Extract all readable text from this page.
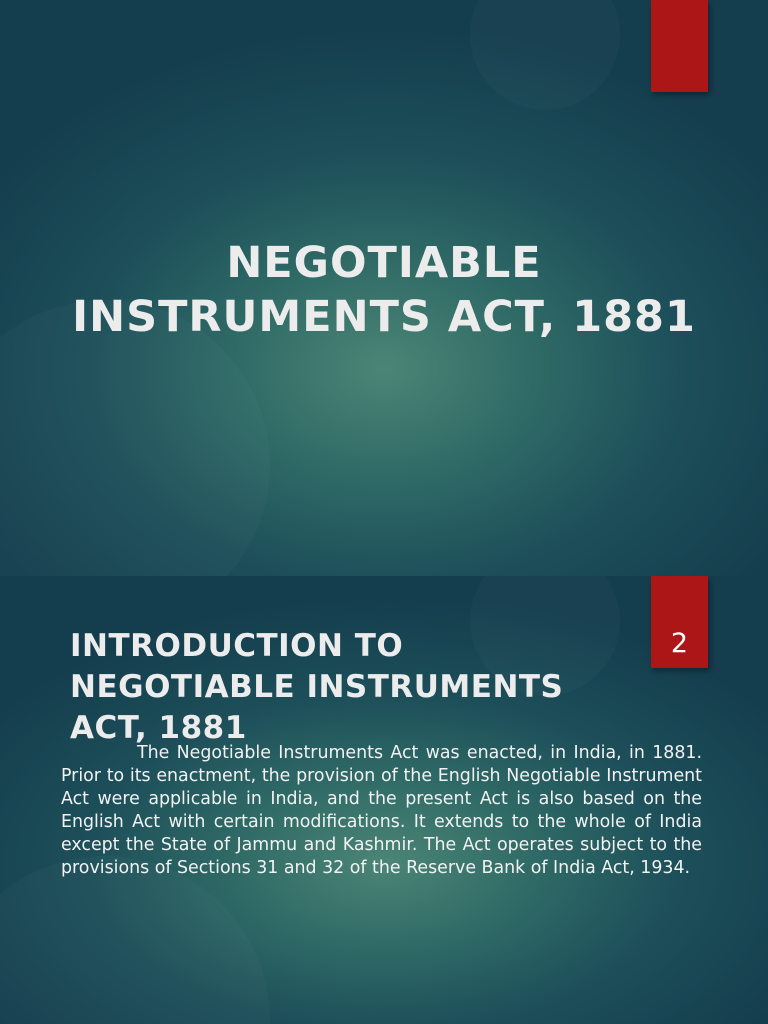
NEGOTIABLE
INSTRUMENTS ACT, 1881
2
INTRODUCTION TO
NEGOTIABLE INSTRUMENTS
ACT, 1881

The Negotiable Instruments Act was enacted, in India, in 1881. Prior to its enactment, the provision of the English Negotiable Instrument Act were applicable in India, and the present Act is also based on the English Act with certain modifications. It extends to the whole of India except the State of Jammu and Kashmir. The Act operates subject to the provisions of Sections 31 and 32 of the Reserve Bank of India Act, 1934.
